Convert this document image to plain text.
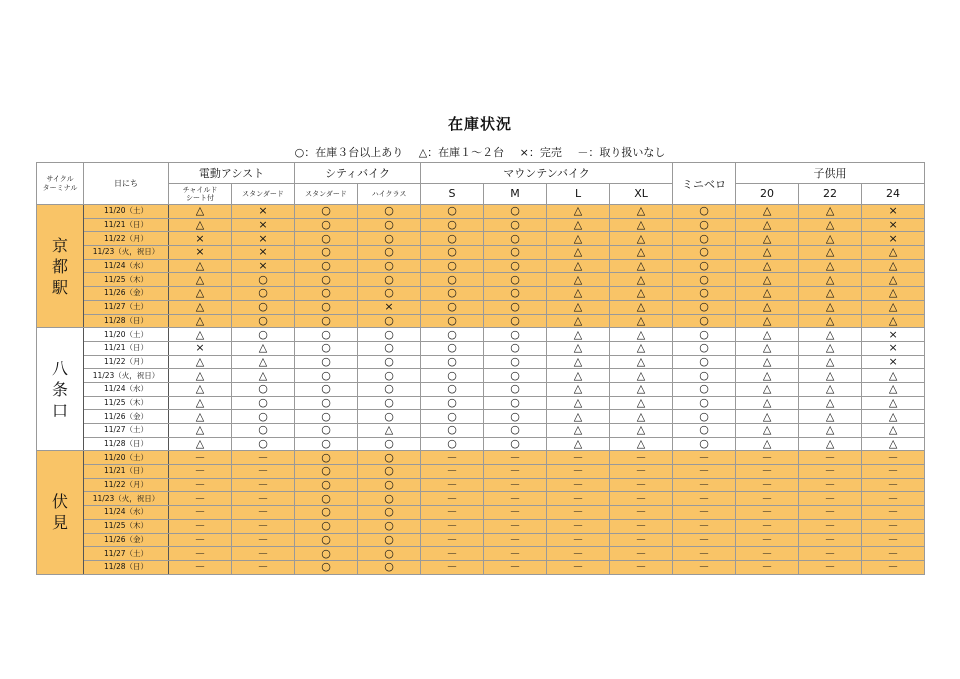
在庫状況
○：在庫３台以上あり △：在庫１～２台 ×：完売 －：取り扱いなし
サイクル
ターミナル	日にち	電動アシスト		シティバイク		マウンテンバイク				ミニベロ	子供用		
		チャイルド
シート付	スタンダード	スタンダード	ハイクラス	S	M	L	XL		20	22	24
京
都
駅	11/20（土）	△	×	○	○	○	○	△	△	○	△	△	×
	11/21（日）	△	×	○	○	○	○	△	△	○	△	△	×
	11/22（月）	×	×	○	○	○	○	△	△	○	△	△	×
	11/23（火，祝日）	×	×	○	○	○	○	△	△	○	△	△	△
	11/24（水）	△	×	○	○	○	○	△	△	○	△	△	△
	11/25（木）	△	○	○	○	○	○	△	△	○	△	△	△
	11/26（金）	△	○	○	○	○	○	△	△	○	△	△	△
	11/27（土）	△	○	○	×	○	○	△	△	○	△	△	△
	11/28（日）	△	○	○	○	○	○	△	△	○	△	△	△
八
条
口	11/20（土）	△	○	○	○	○	○	△	△	○	△	△	×
	11/21（日）	×	△	○	○	○	○	△	△	○	△	△	×
	11/22（月）	△	△	○	○	○	○	△	△	○	△	△	×
	11/23（火，祝日）	△	△	○	○	○	○	△	△	○	△	△	△
	11/24（水）	△	○	○	○	○	○	△	△	○	△	△	△
	11/25（木）	△	○	○	○	○	○	△	△	○	△	△	△
	11/26（金）	△	○	○	○	○	○	△	△	○	△	△	△
	11/27（土）	△	○	○	△	○	○	△	△	○	△	△	△
	11/28（日）	△	○	○	○	○	○	△	△	○	△	△	△
伏
見	11/20（土）	－	－	○	○	－	－	－	－	－	－	－	－
	11/21（日）	－	－	○	○	－	－	－	－	－	－	－	－
	11/22（月）	－	－	○	○	－	－	－	－	－	－	－	－
	11/23（火，祝日）	－	－	○	○	－	－	－	－	－	－	－	－
	11/24（水）	－	－	○	○	－	－	－	－	－	－	－	－
	11/25（木）	－	－	○	○	－	－	－	－	－	－	－	－
	11/26（金）	－	－	○	○	－	－	－	－	－	－	－	－
	11/27（土）	－	－	○	○	－	－	－	－	－	－	－	－
	11/28（日）	－	－	○	○	－	－	－	－	－	－	－	－
